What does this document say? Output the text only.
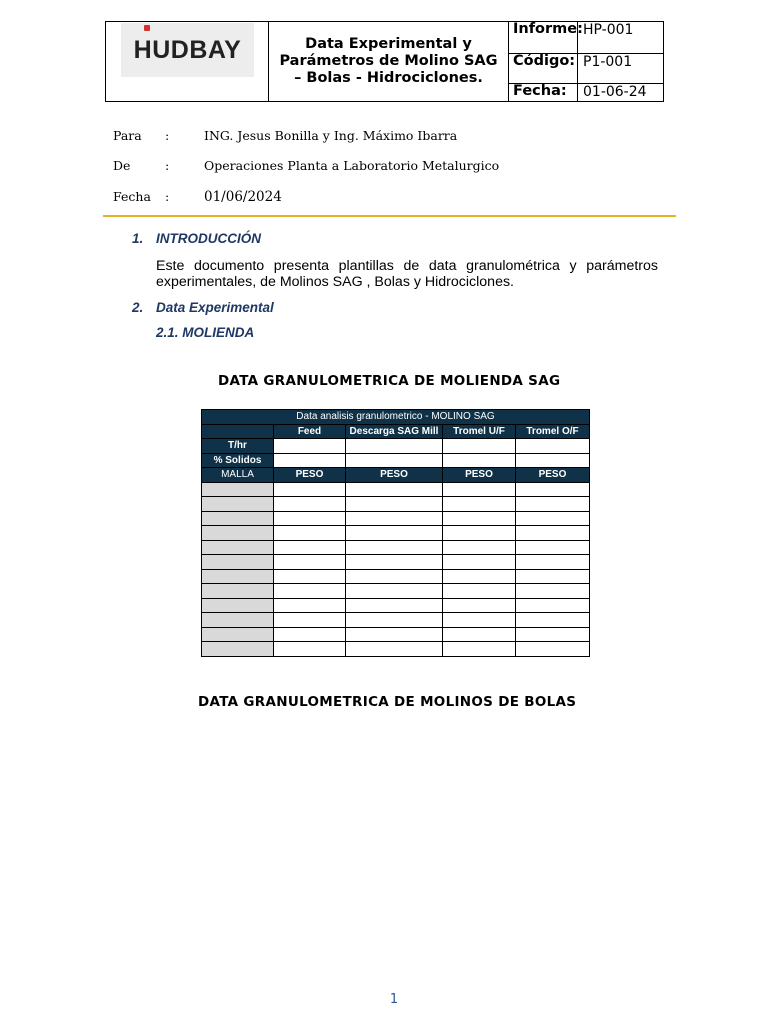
HUDBAY	Data Experimental y Parámetros de Molino SAG – Bolas - Hidrociclones.
Informe: HP-001
Código: P1-001
Fecha:	01-06-24
Para	:	ING. Jesus Bonilla y Ing. Máximo Ibarra
De	:	Operaciones Planta a Laboratorio Metalurgico
Fecha	:	01/06/2024
1. INTRODUCCIÓN
Este documento presenta plantillas de data granulométrica y parámetros experimentales, de Molinos SAG , Bolas y Hidrociclones.
2. Data Experimental
2.1. MOLIENDA
DATA GRANULOMETRICA DE MOLIENDA SAG
Data analisis granulometrico - MOLINO SAG				
	Feed	Descarga SAG Mill	Tromel U/F	Tromel O/F
T/hr				
% Solidos				
MALLA	PESO	PESO	PESO	PESO

DATA GRANULOMETRICA DE MOLINOS DE BOLAS
1
